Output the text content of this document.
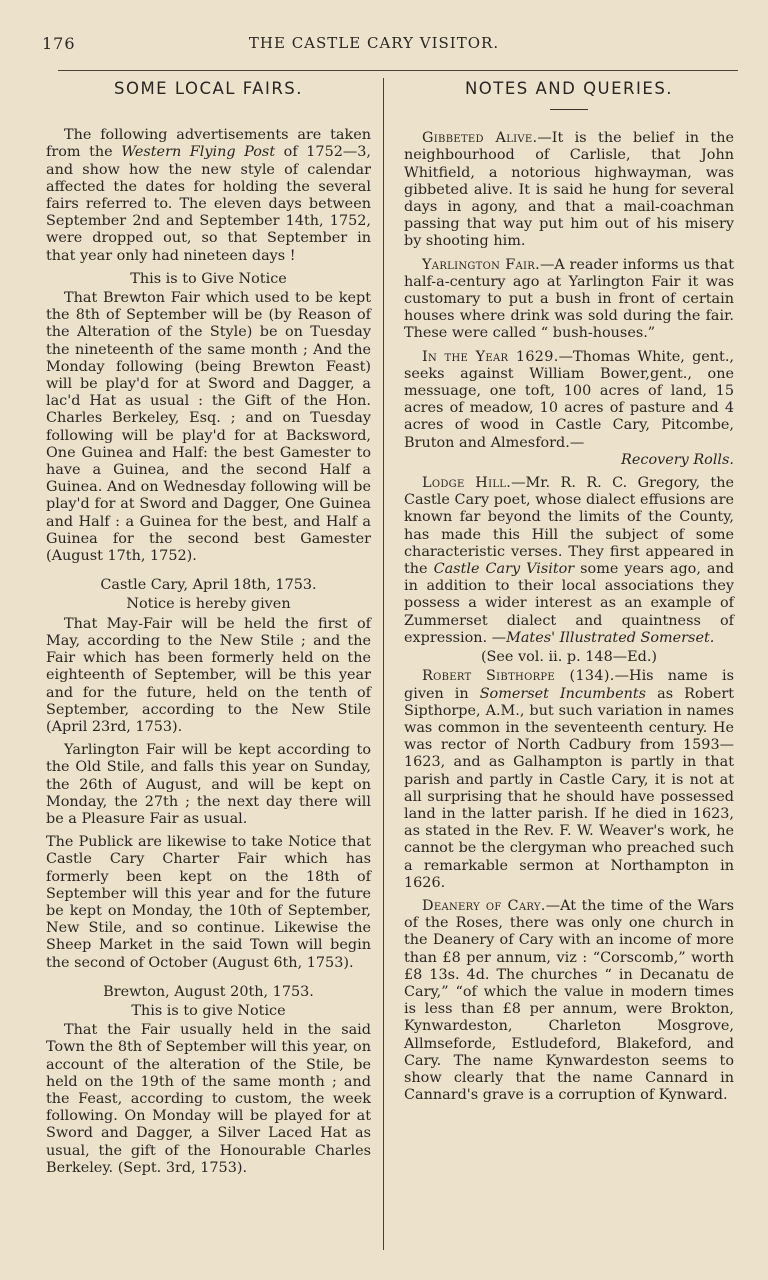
176	THE CASTLE CARY VISITOR.
SOME LOCAL FAIRS.

The following advertisements are taken from the Western Flying Post of 1752—3, and show how the new style of calendar affected the dates for holding the several fairs referred to. The eleven days between September 2nd and September 14th, 1752, were dropped out, so that September in that year only had nineteen days !

This is to Give Notice

That Brewton Fair which used to be kept the 8th of September will be (by Reason of the Alteration of the Style) be on Tuesday the nineteenth of the same month ; And the Monday following (being Brewton Feast) will be play'd for at Sword and Dagger, a lac'd Hat as usual : the Gift of the Hon. Charles Berkeley, Esq. ; and on Tuesday following will be play'd for at Backsword, One Guinea and Half: the best Gamester to have a Guinea, and the second Half a Guinea. And on Wednesday following will be play'd for at Sword and Dagger, One Guinea and Half : a Guinea for the best, and Half a Guinea for the second best Gamester (August 17th, 1752).

Castle Cary, April 18th, 1753.

Notice is hereby given

That May-Fair will be held the first of May, according to the New Stile ; and the Fair which has been formerly held on the eighteenth of September, will be this year and for the future, held on the tenth of September, according to the New Stile (April 23rd, 1753).

Yarlington Fair will be kept according to the Old Stile, and falls this year on Sunday, the 26th of August, and will be kept on Monday, the 27th ; the next day there will be a Pleasure Fair as usual.

The Publick are likewise to take Notice that Castle Cary Charter Fair which has formerly been kept on the 18th of September will this year and for the future be kept on Monday, the 10th of September, New Stile, and so continue. Likewise the Sheep Market in the said Town will begin the second of October (August 6th, 1753).

Brewton, August 20th, 1753.

This is to give Notice

That the Fair usually held in the said Town the 8th of September will this year, on account of the alteration of the Stile, be held on the 19th of the same month ; and the Feast, according to custom, the week following. On Monday will be played for at Sword and Dagger, a Silver Laced Hat as usual, the gift of the Honourable Charles Berkeley. (Sept. 3rd, 1753).

NOTES AND QUERIES.

Gibbeted Alive.—It is the belief in the neighbourhood of Carlisle, that John Whitfield, a notorious highwayman, was gibbeted alive. It is said he hung for several days in agony, and that a mail-coachman passing that way put him out of his misery by shooting him.

Yarlington Fair.—A reader informs us that half-a-century ago at Yarlington Fair it was customary to put a bush in front of certain houses where drink was sold during the fair. These were called “ bush-houses.”

In the Year 1629.—Thomas White, gent., seeks against William Bower,gent., one messuage, one toft, 100 acres of land, 15 acres of meadow, 10 acres of pasture and 4 acres of wood in Castle Cary, Pitcombe, Bruton and Almesford.—

Recovery Rolls.

Lodge Hill.—Mr. R. R. C. Gregory, the Castle Cary poet, whose dialect effusions are known far beyond the limits of the County, has made this Hill the subject of some characteristic verses. They first appeared in the Castle Cary Visitor some years ago, and in addition to their local associations they possess a wider interest as an example of Zummerset dialect and quaintness of expression. —Mates' Illustrated Somerset.

(See vol. ii. p. 148—Ed.)

Robert Sibthorpe (134).—His name is given in Somerset Incumbents as Robert Sipthorpe, A.M., but such variation in names was common in the seventeenth century. He was rector of North Cadbury from 1593—1623, and as Galhampton is partly in that parish and partly in Castle Cary, it is not at all surprising that he should have possessed land in the latter parish. If he died in 1623, as stated in the Rev. F. W. Weaver's work, he cannot be the clergyman who preached such a remarkable sermon at Northampton in 1626.

Deanery of Cary.—At the time of the Wars of the Roses, there was only one church in the Deanery of Cary with an income of more than £8 per annum, viz : “Corscomb,” worth £8 13s. 4d. The churches “ in Decanatu de Cary,” “of which the value in modern times is less than £8 per annum, were Brokton, Kynwardeston, Charleton Mosgrove, Allmseforde, Estludeford, Blakeford, and Cary. The name Kynwardeston seems to show clearly that the name Cannard in Cannard's grave is a corruption of Kynward.
